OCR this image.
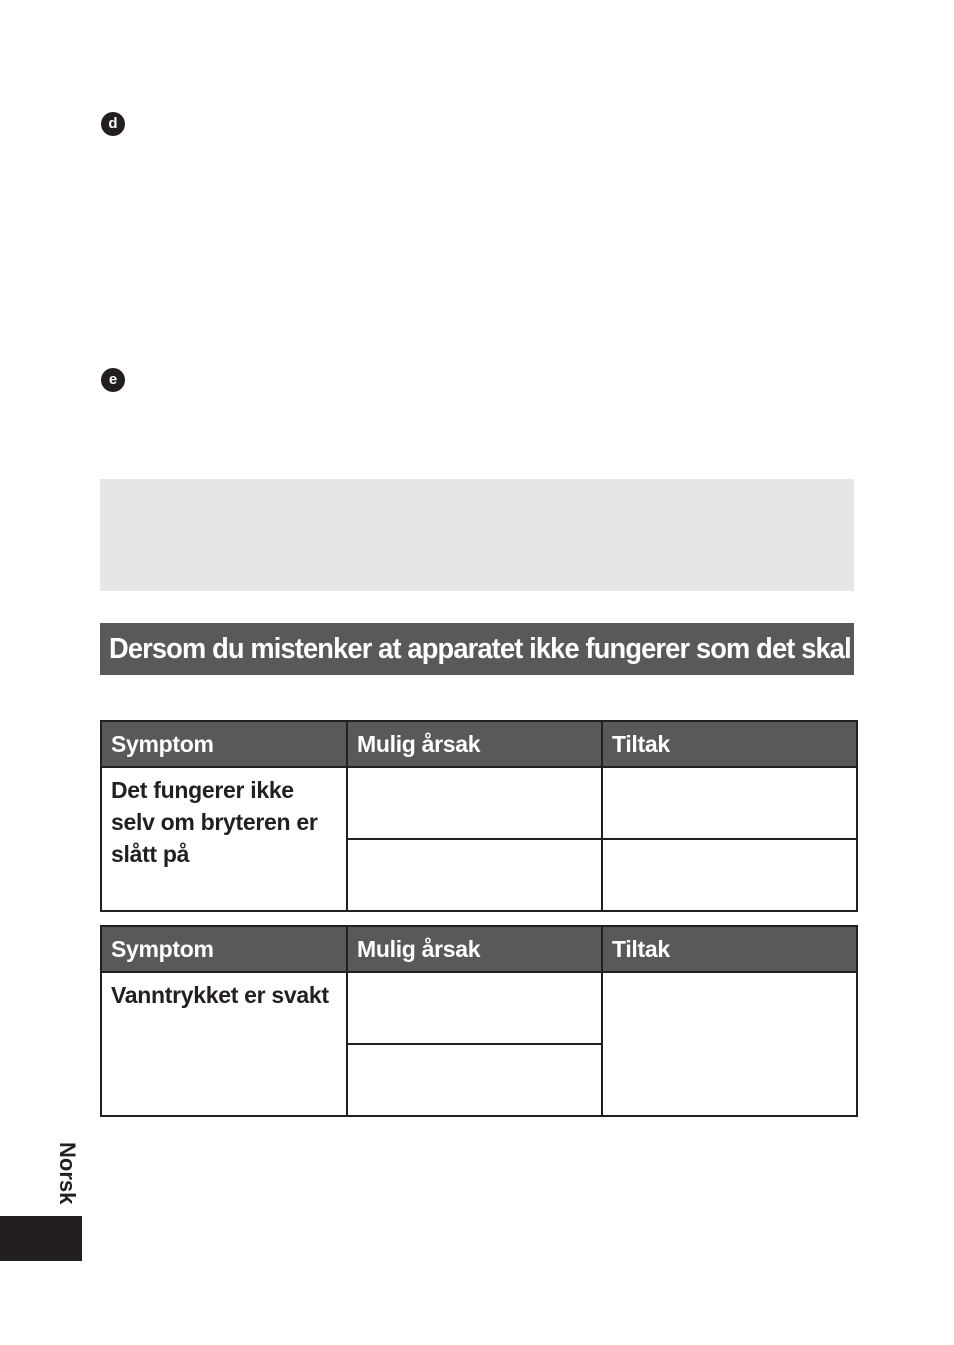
d
e
Dersom du mistenker at apparatet ikke fungerer som det skal
Symptom	Mulig årsak	Tiltak
Det fungerer ikke selv om bryteren er slått på		

Symptom	Mulig årsak	Tiltak
Vanntrykket er svakt		

Norsk
